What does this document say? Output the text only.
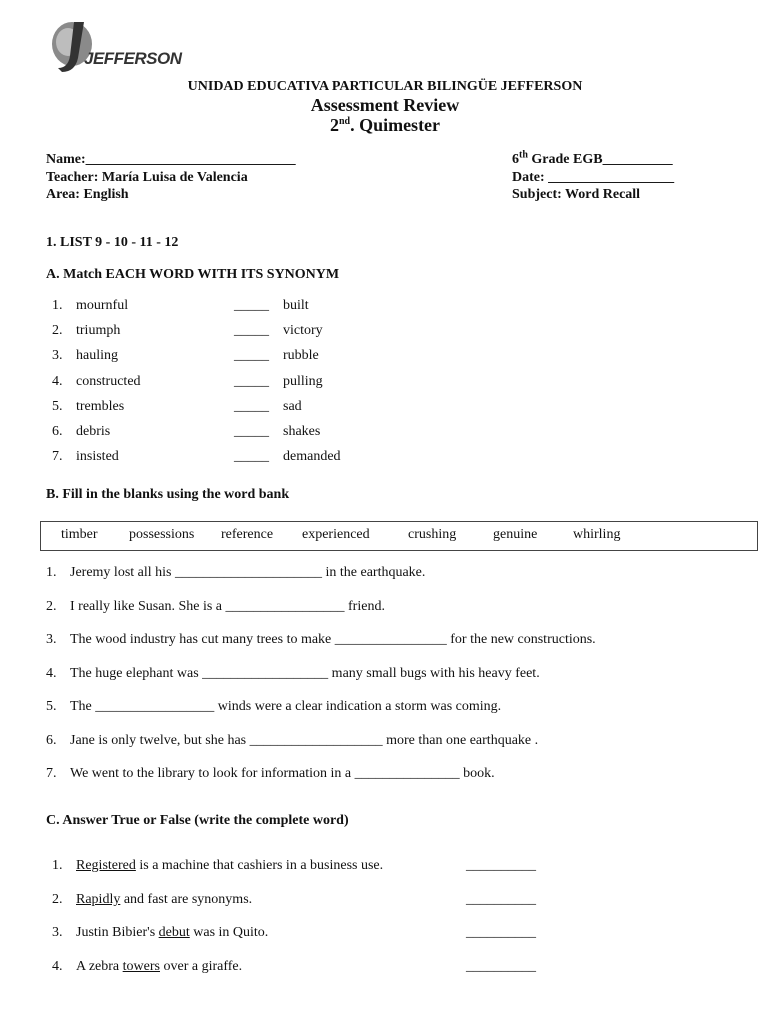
JEFFERSON
UNIDAD EDUCATIVA PARTICULAR BILINGÜE JEFFERSON
Assessment Review
2nd. Quimester
Name:______________________________
Teacher: María Luisa de Valencia
Area: English
6th Grade EGB__________
Date: __________________
Subject: Word Recall
1. LIST 9 - 10 - 11 - 12
A. Match EACH WORD WITH ITS SYNONYM
1. mournful	_____ built
2. triumph	_____ victory
3. hauling	_____ rubble
4. constructed	_____ pulling
5. trembles	_____ sad
6. debris	_____ shakes
7. insisted	_____ demanded
B. Fill in the blanks using the word bank
timber possessions reference experienced	crushing	genuine	whirling
1. Jeremy lost all his _____________________ in the earthquake.
2. I really like Susan. She is a _________________ friend.
3. The wood industry has cut many trees to make ________________ for the new constructions.
4. The huge elephant was __________________ many small bugs with his heavy feet.
5. The _________________ winds were a clear indication a storm was coming.
6. Jane is only twelve, but she has ___________________ more than one earthquake .
7. We went to the library to look for information in a _______________ book.
C. Answer True or False (write the complete word)
1. Registered is a machine that cashiers in a business use.	__________
2. Rapidly and fast are synonyms.	__________
3. Justin Bibier's debut was in Quito.	__________
4. A zebra towers over a giraffe.	__________
